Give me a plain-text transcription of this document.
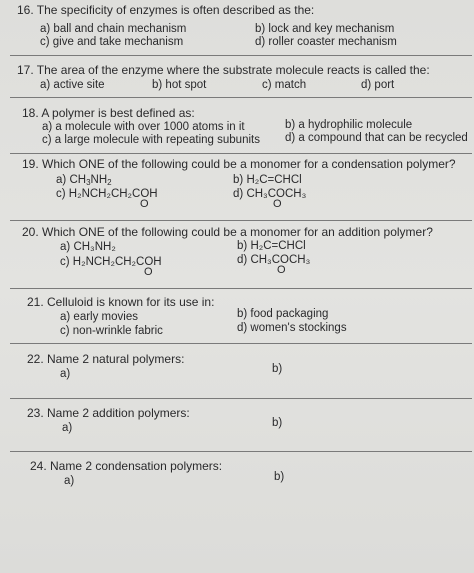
16. The specificity of enzymes is often described as the:
a) ball and chain mechanism	b) lock and key mechanism
c) give and take mechanism	d) roller coaster mechanism
17. The area of the enzyme where the substrate molecule reacts is called the:
a) active site	b) hot spot	c) match	d) port
18. A polymer is best defined as:
a) a molecule with over 1000 atoms in it	b) a hydrophilic molecule
c) a large molecule with repeating subunits d) a compound that can be recycled
19. Which ONE of the following could be a monomer for a condensation polymer?
a) $CH_3NH_2$	b) H₂C=CHCl
c) H₂NCH₂CH₂COH
O
d) CH₃COCH₃
O
20. Which ONE of the following could be a monomer for an addition polymer?
a) CH₃NH₂	b) H₂C=CHCl
c) H₂NCH₂CH₂COH
O
d) CH₃COCH₃
O
21. Celluloid is known for its use in:
a) early movies	b) food packaging
c) non-wrinkle fabric	d) women's stockings
22. Name 2 natural polymers:
a)	b)
23. Name 2 addition polymers:
a)	b)
24. Name 2 condensation polymers:
a)	b)
